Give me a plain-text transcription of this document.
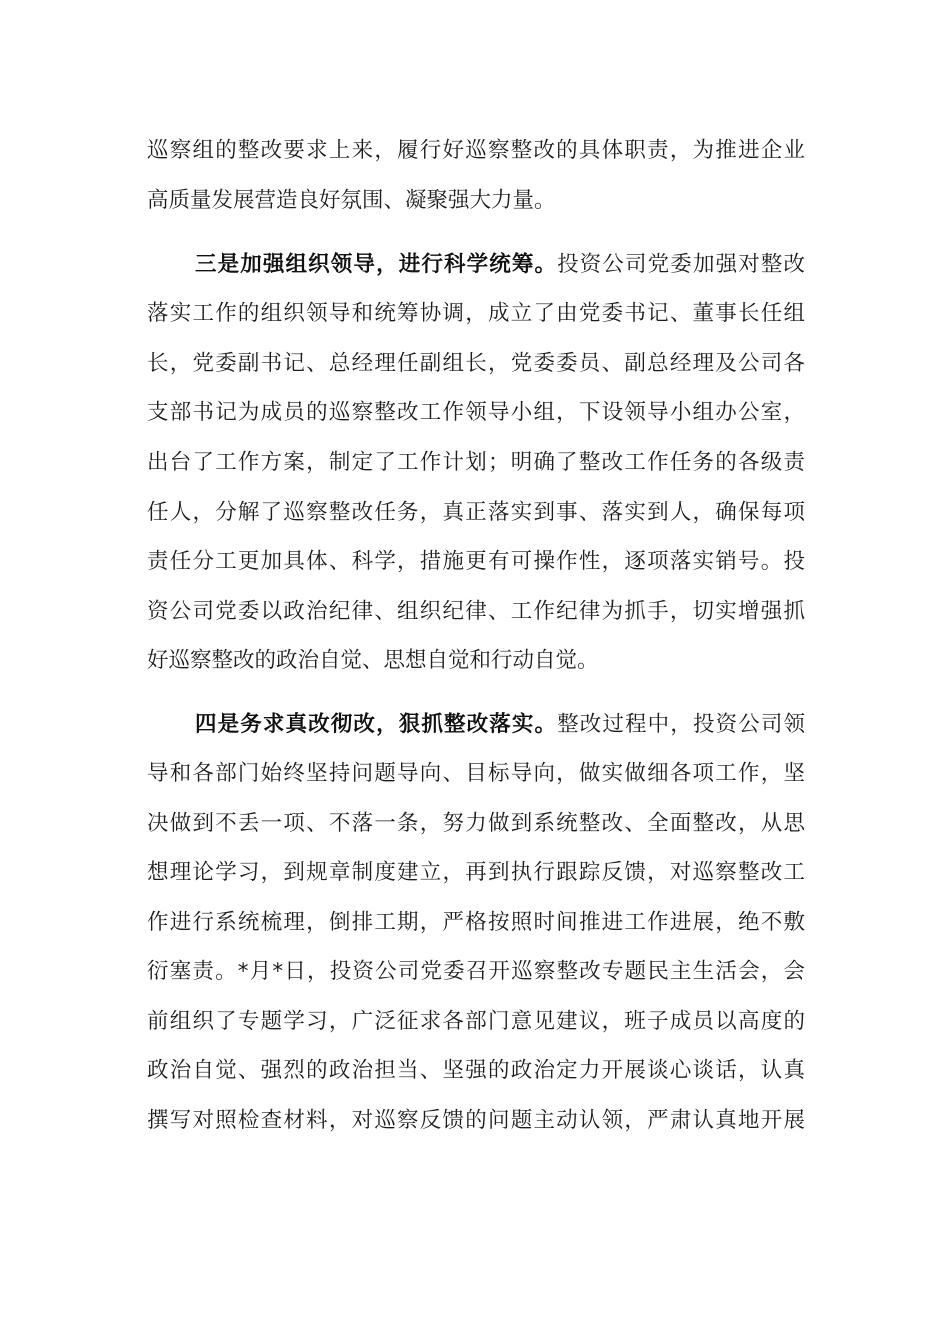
巡察组的整改要求上来，履行好巡察整改的具体职责，为推进企业
高质量发展营造良好氛围、凝聚强大力量。
三是加强组织领导，进行科学统筹。投资公司党委加强对整改
落实工作的组织领导和统筹协调，成立了由党委书记、董事长任组
长，党委副书记、总经理任副组长，党委委员、副总经理及公司各
支部书记为成员的巡察整改工作领导小组，下设领导小组办公室，
出台了工作方案，制定了工作计划；明确了整改工作任务的各级责
任人，分解了巡察整改任务，真正落实到事、落实到人，确保每项
责任分工更加具体、科学，措施更有可操作性，逐项落实销号。投
资公司党委以政治纪律、组织纪律、工作纪律为抓手，切实增强抓
好巡察整改的政治自觉、思想自觉和行动自觉。
四是务求真改彻改，狠抓整改落实。整改过程中，投资公司领
导和各部门始终坚持问题导向、目标导向，做实做细各项工作，坚
决做到不丢一项、不落一条，努力做到系统整改、全面整改，从思
想理论学习，到规章制度建立，再到执行跟踪反馈，对巡察整改工
作进行系统梳理，倒排工期，严格按照时间推进工作进展，绝不敷
衍塞责。*月*日，投资公司党委召开巡察整改专题民主生活会，会
前组织了专题学习，广泛征求各部门意见建议，班子成员以高度的
政治自觉、强烈的政治担当、坚强的政治定力开展谈心谈话，认真
撰写对照检查材料，对巡察反馈的问题主动认领，严肃认真地开展
